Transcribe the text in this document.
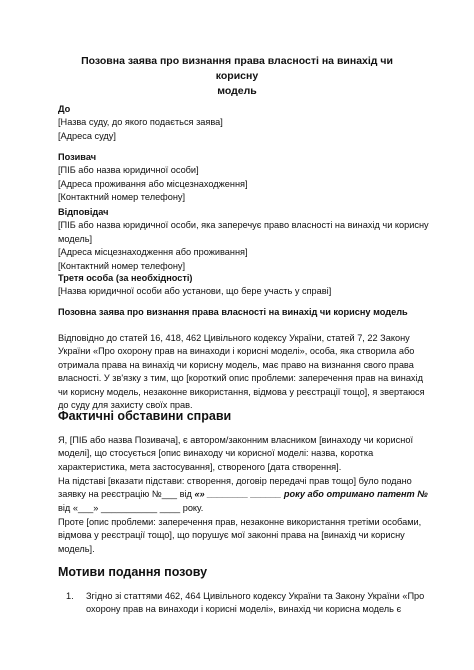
Позовна заява про визнання права власності на винахід чи корисну
модель
До
[Назва суду, до якого подається заява]
[Адреса суду]
Позивач
[ПІБ або назва юридичної особи]
[Адреса проживання або місцезнаходження]
[Контактний номер телефону]
Відповідач
[ПІБ або назва юридичної особи, яка заперечує право власності на винахід чи корисну
модель]
[Адреса місцезнаходження або проживання]
[Контактний номер телефону]
Третя особа (за необхідності)
[Назва юридичної особи або установи, що бере участь у справі]
Позовна заява про визнання права власності на винахід чи корисну модель
Відповідно до статей 16, 418, 462 Цивільного кодексу України, статей 7, 22 Закону
України «Про охорону прав на винаходи і корисні моделі», особа, яка створила або
отримала права на винахід чи корисну модель, має право на визнання свого права
власності. У зв'язку з тим, що [короткий опис проблеми: заперечення прав на винахід
чи корисну модель, незаконне використання, відмова у реєстрації тощо], я звертаюся
до суду для захисту своїх прав.
Фактичні обставини справи
Я, [ПІБ або назва Позивача], є автором/законним власником [винаходу чи корисної
моделі], що стосується [опис винаходу чи корисної моделі: назва, коротка
характеристика, мета застосування], створеного [дата створення].
На підставі [вказати підстави: створення, договір передачі прав тощо] було подано
заявку на реєстрацію №___ від «» ________ ______ року або отримано патент №
від «___» ___________ ____ року.
Проте [опис проблеми: заперечення прав, незаконне використання третіми особами,
відмова у реєстрації тощо], що порушує мої законні права на [винахід чи корисну
модель].
Мотиви подання позову
1. Згідно зі статтями 462, 464 Цивільного кодексу України та Закону України «Про
охорону прав на винаходи і корисні моделі», винахід чи корисна модель є
